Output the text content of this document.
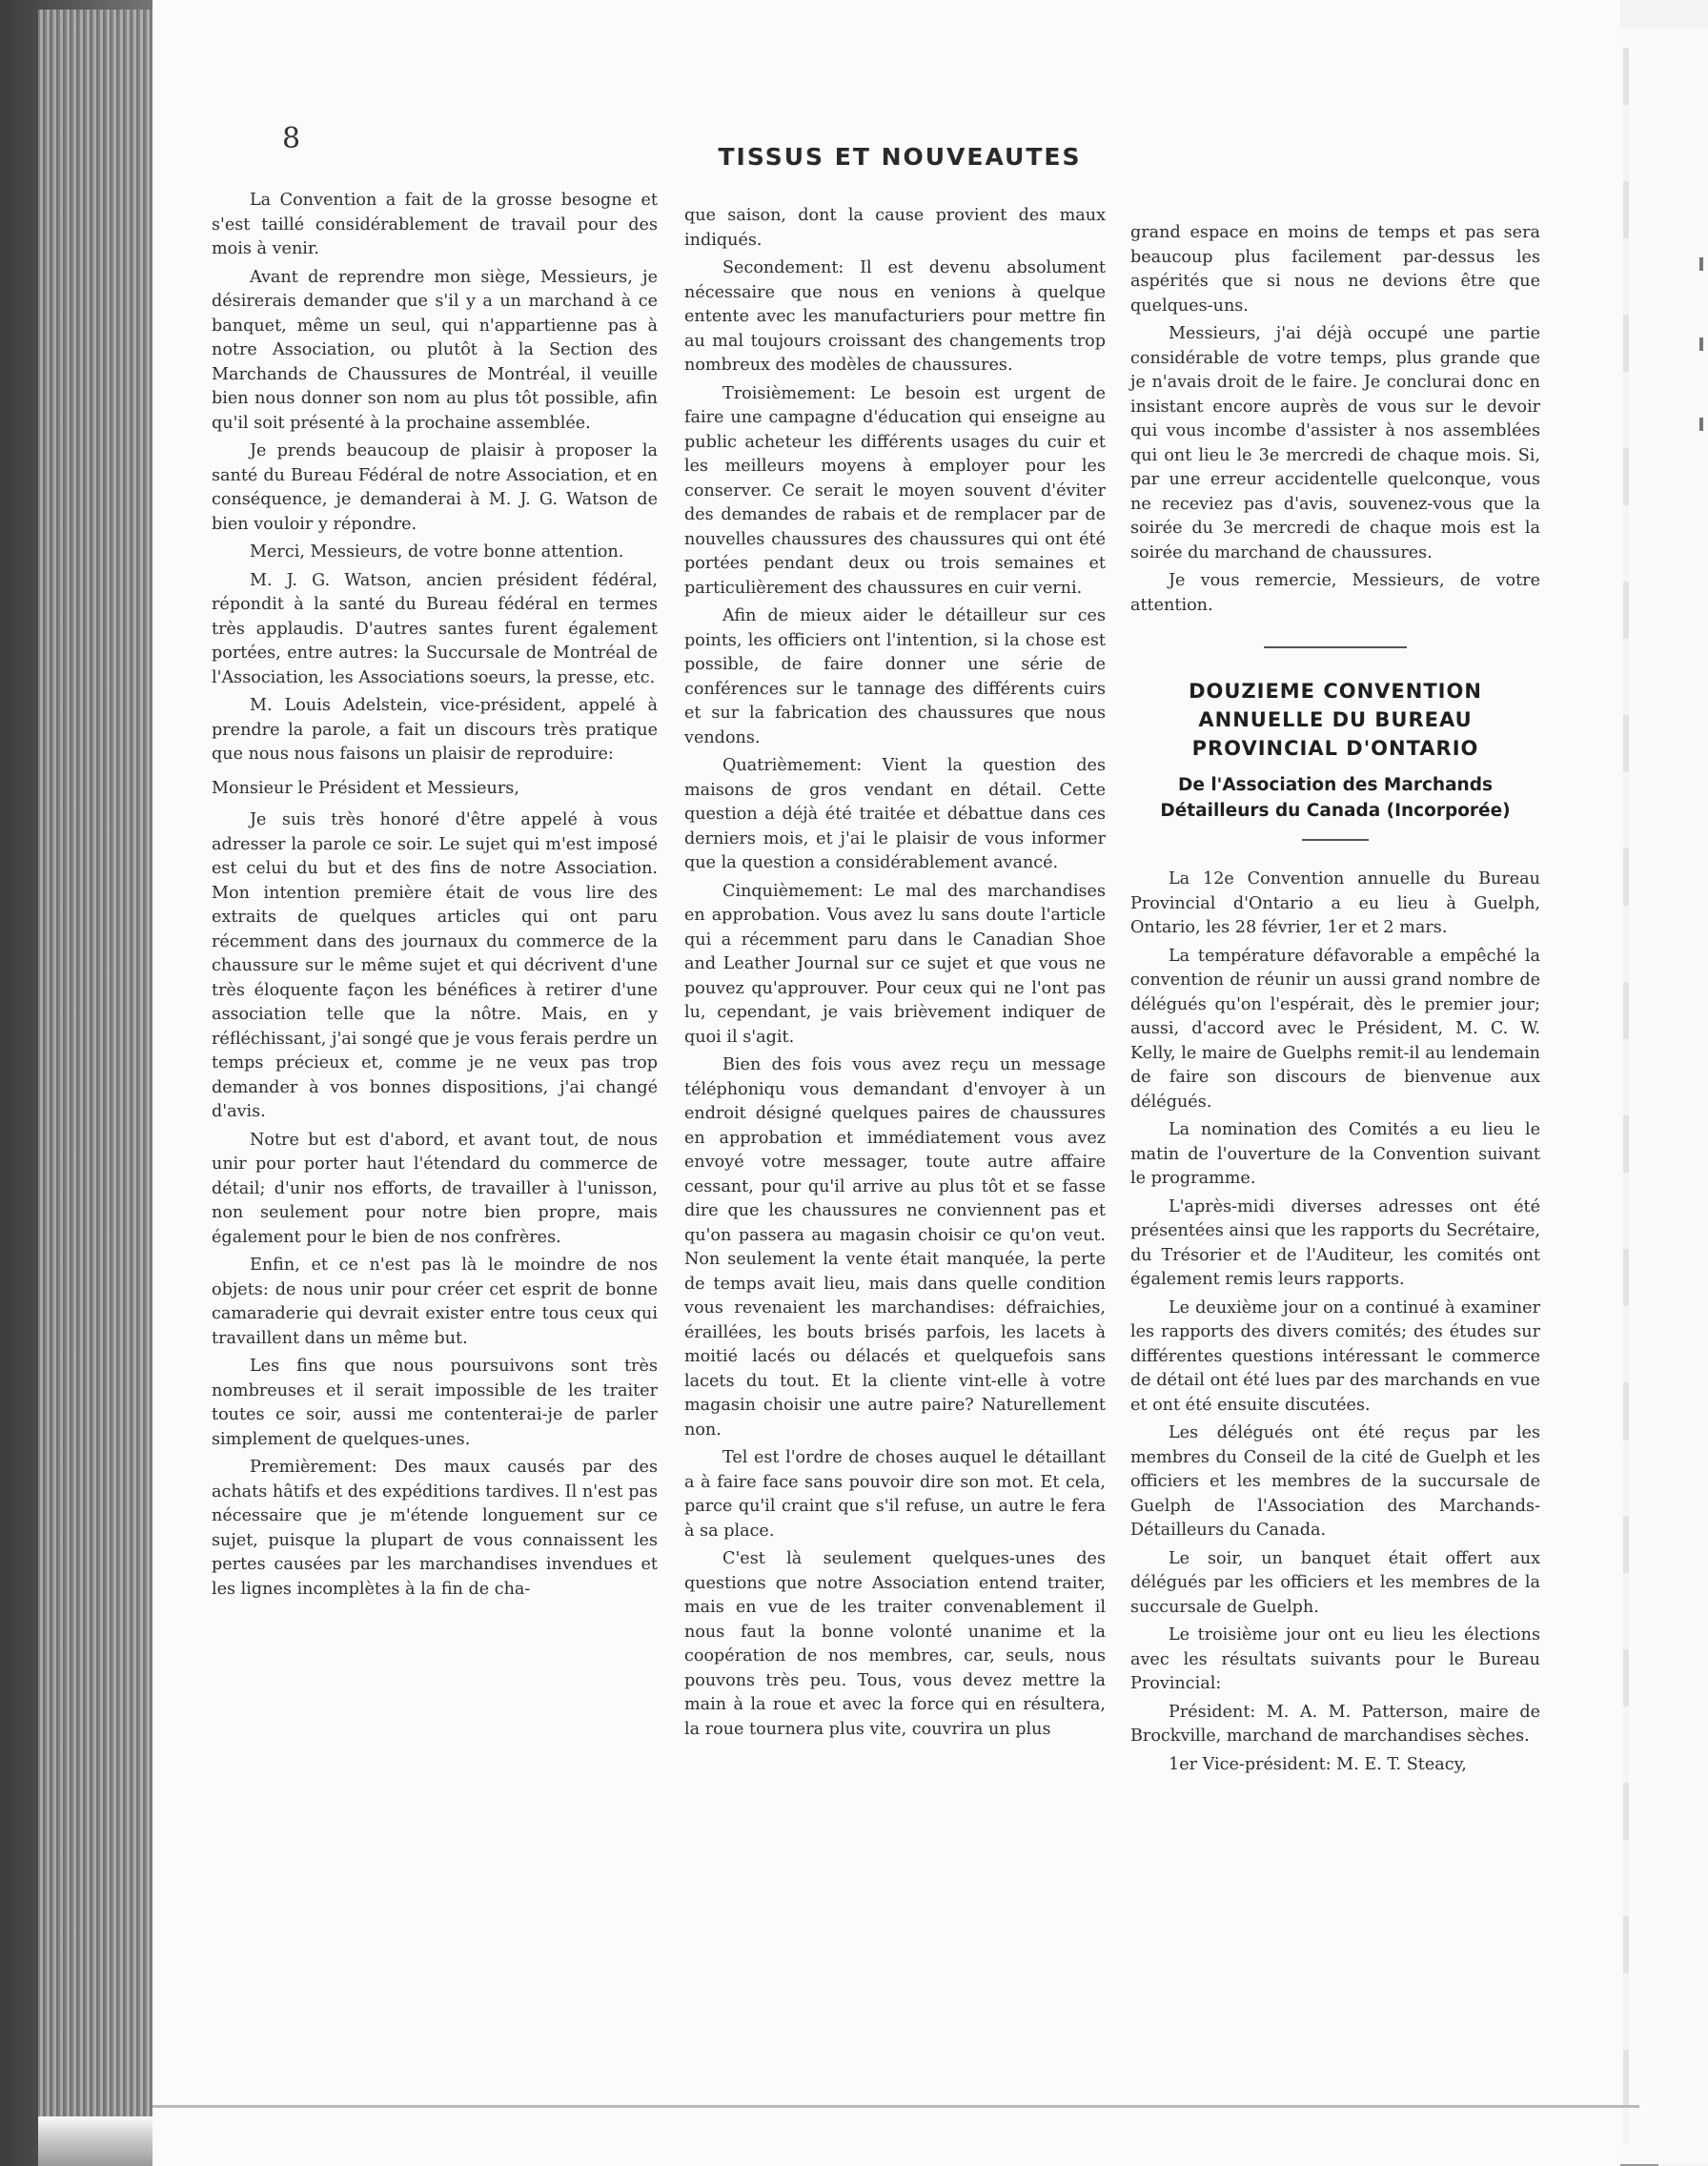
8
TISSUS ET NOUVEAUTES

La Convention a fait de la grosse besogne et s'est taillé considérablement de travail pour des mois à venir.

Avant de reprendre mon siège, Messieurs, je désirerais demander que s'il y a un marchand à ce banquet, même un seul, qui n'appartienne pas à notre Association, ou plutôt à la Section des Marchands de Chaussures de Montréal, il veuille bien nous donner son nom au plus tôt possible, afin qu'il soit présenté à la prochaine assemblée.

Je prends beaucoup de plaisir à proposer la santé du Bureau Fédéral de notre Association, et en conséquence, je demanderai à M. J. G. Watson de bien vouloir y répondre.

Merci, Messieurs, de votre bonne attention.

M. J. G. Watson, ancien président fédéral, répondit à la santé du Bureau fédéral en termes très applaudis. D'autres santes furent également portées, entre autres: la Succursale de Montréal de l'Association, les Associations soeurs, la presse, etc.

M. Louis Adelstein, vice-président, appelé à prendre la parole, a fait un discours très pratique que nous nous faisons un plaisir de reproduire:

Monsieur le Président et Messieurs,

Je suis très honoré d'être appelé à vous adresser la parole ce soir. Le sujet qui m'est imposé est celui du but et des fins de notre Association. Mon intention première était de vous lire des extraits de quelques articles qui ont paru récemment dans des journaux du commerce de la chaussure sur le même sujet et qui décrivent d'une très éloquente façon les bénéfices à retirer d'une association telle que la nôtre. Mais, en y réfléchissant, j'ai songé que je vous ferais perdre un temps précieux et, comme je ne veux pas trop demander à vos bonnes dispositions, j'ai changé d'avis.

Notre but est d'abord, et avant tout, de nous unir pour porter haut l'étendard du commerce de détail; d'unir nos efforts, de travailler à l'unisson, non seulement pour notre bien propre, mais également pour le bien de nos confrères.

Enfin, et ce n'est pas là le moindre de nos objets: de nous unir pour créer cet esprit de bonne camaraderie qui devrait exister entre tous ceux qui travaillent dans un même but.

Les fins que nous poursuivons sont très nombreuses et il serait impossible de les traiter toutes ce soir, aussi me contenterai-je de parler simplement de quelques-unes.

Premièrement: Des maux causés par des achats hâtifs et des expéditions tardives. Il n'est pas nécessaire que je m'étende longuement sur ce sujet, puisque la plupart de vous connaissent les pertes causées par les marchandises invendues et les lignes incomplètes à la fin de cha-

que saison, dont la cause provient des maux indiqués.

Secondement: Il est devenu absolument nécessaire que nous en venions à quelque entente avec les manufacturiers pour mettre fin au mal toujours croissant des changements trop nombreux des modèles de chaussures.

Troisièmement: Le besoin est urgent de faire une campagne d'éducation qui enseigne au public acheteur les différents usages du cuir et les meilleurs moyens à employer pour les conserver. Ce serait le moyen souvent d'éviter des demandes de rabais et de remplacer par de nouvelles chaussures des chaussures qui ont été portées pendant deux ou trois semaines et particulièrement des chaussures en cuir verni.

Afin de mieux aider le détailleur sur ces points, les officiers ont l'intention, si la chose est possible, de faire donner une série de conférences sur le tannage des différents cuirs et sur la fabrication des chaussures que nous vendons.

Quatrièmement: Vient la question des maisons de gros vendant en détail. Cette question a déjà été traitée et débattue dans ces derniers mois, et j'ai le plaisir de vous informer que la question a considérablement avancé.

Cinquièmement: Le mal des marchandises en approbation. Vous avez lu sans doute l'article qui a récemment paru dans le Canadian Shoe and Leather Journal sur ce sujet et que vous ne pouvez qu'approuver. Pour ceux qui ne l'ont pas lu, cependant, je vais brièvement indiquer de quoi il s'agit.

Bien des fois vous avez reçu un message téléphoniqu vous demandant d'envoyer à un endroit désigné quelques paires de chaussures en approbation et immédiatement vous avez envoyé votre messager, toute autre affaire cessant, pour qu'il arrive au plus tôt et se fasse dire que les chaussures ne conviennent pas et qu'on passera au magasin choisir ce qu'on veut. Non seulement la vente était manquée, la perte de temps avait lieu, mais dans quelle condition vous revenaient les marchandises: défraichies, éraillées, les bouts brisés parfois, les lacets à moitié lacés ou délacés et quelquefois sans lacets du tout. Et la cliente vint-elle à votre magasin choisir une autre paire? Naturellement non.

Tel est l'ordre de choses auquel le détaillant a à faire face sans pouvoir dire son mot. Et cela, parce qu'il craint que s'il refuse, un autre le fera à sa place.

C'est là seulement quelques-unes des questions que notre Association entend traiter, mais en vue de les traiter convenablement il nous faut la bonne volonté unanime et la coopération de nos membres, car, seuls, nous pouvons très peu. Tous, vous devez mettre la main à la roue et avec la force qui en résultera, la roue tournera plus vite, couvrira un plus

grand espace en moins de temps et pas sera beaucoup plus facilement par-dessus les aspérités que si nous ne devions être que quelques-uns.

Messieurs, j'ai déjà occupé une partie considérable de votre temps, plus grande que je n'avais droit de le faire. Je conclurai donc en insistant encore auprès de vous sur le devoir qui vous incombe d'assister à nos assemblées qui ont lieu le 3e mercredi de chaque mois. Si, par une erreur accidentelle quelconque, vous ne receviez pas d'avis, souvenez-vous que la soirée du 3e mercredi de chaque mois est la soirée du marchand de chaussures.

Je vous remercie, Messieurs, de votre attention.

DOUZIEME CONVENTION ANNUELLE DU BUREAU PROVINCIAL D'ONTARIO
De l'Association des Marchands Détailleurs du Canada (Incorporée)

La 12e Convention annuelle du Bureau Provincial d'Ontario a eu lieu à Guelph, Ontario, les 28 février, 1er et 2 mars.

La température défavorable a empêché la convention de réunir un aussi grand nombre de délégués qu'on l'espérait, dès le premier jour; aussi, d'accord avec le Président, M. C. W. Kelly, le maire de Guelphs remit-il au lendemain de faire son discours de bienvenue aux délégués.

La nomination des Comités a eu lieu le matin de l'ouverture de la Convention suivant le programme.

L'après-midi diverses adresses ont été présentées ainsi que les rapports du Secrétaire, du Trésorier et de l'Auditeur, les comités ont également remis leurs rapports.

Le deuxième jour on a continué à examiner les rapports des divers comités; des études sur différentes questions intéressant le commerce de détail ont été lues par des marchands en vue et ont été ensuite discutées.

Les délégués ont été reçus par les membres du Conseil de la cité de Guelph et les officiers et les membres de la succursale de Guelph de l'Association des Marchands-Détailleurs du Canada.

Le soir, un banquet était offert aux délégués par les officiers et les membres de la succursale de Guelph.

Le troisième jour ont eu lieu les élections avec les résultats suivants pour le Bureau Provincial:

Président: M. A. M. Patterson, maire de Brockville, marchand de marchandises sèches.

1er Vice-président: M. E. T. Steacy,
